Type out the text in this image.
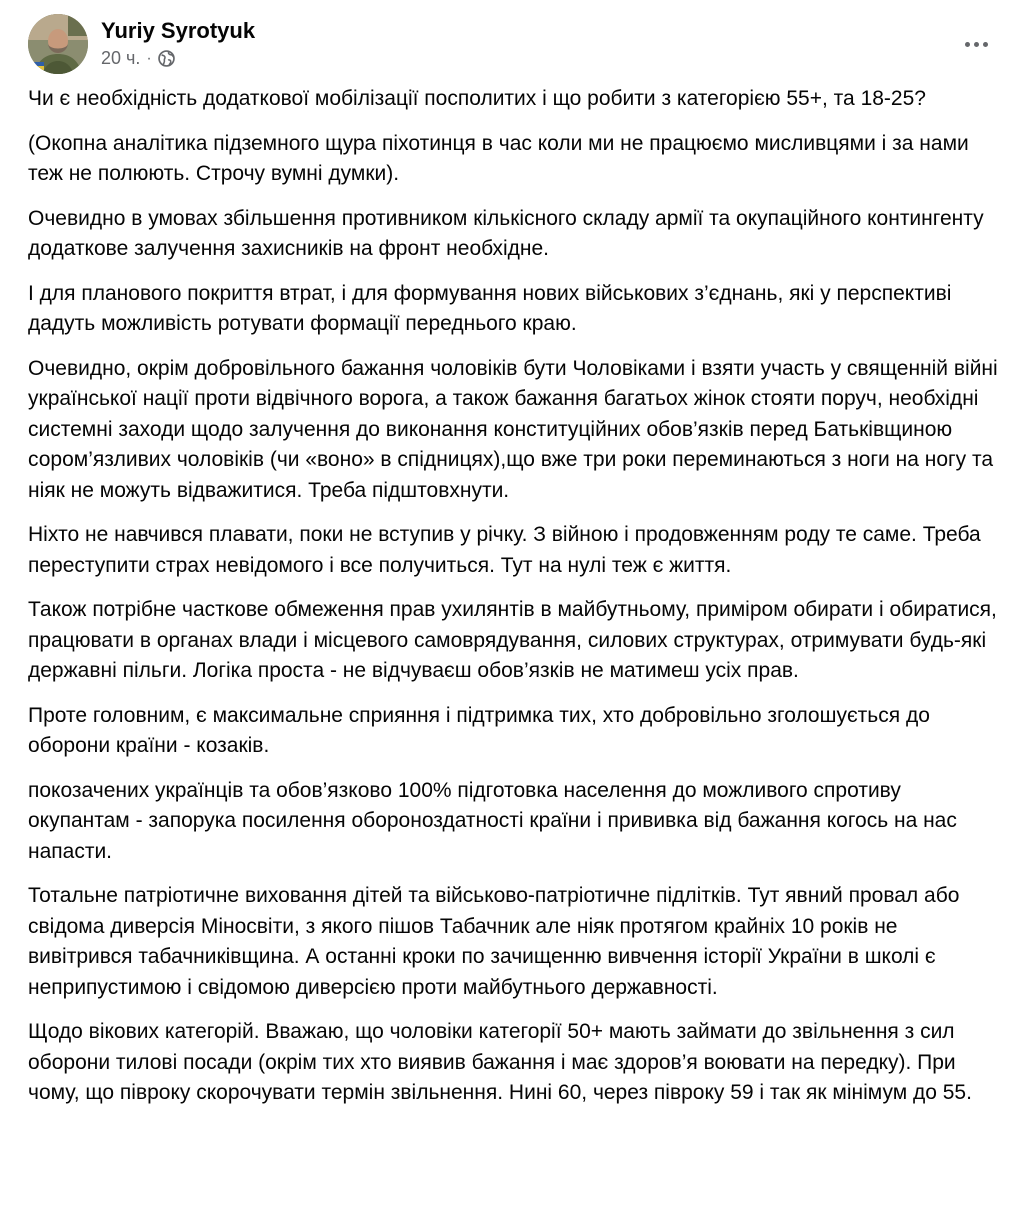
Yuriy Syrotyuk
20 ч. ·

Чи є необхідність додаткової мобілізації посполитих і що робити з категорією 55+, та 18-25?

(Окопна аналітика підземного щура піхотинця в час коли ми не працюємо мисливцями і за нами теж не полюють. Строчу вумні думки).

Очевидно в умовах збільшення противником кількісного складу армії та окупаційного контингенту додаткове залучення захисників на фронт необхідне.

І для планового покриття втрат, і для формування нових військових з’єднань, які у перспективі дадуть можливість ротувати формації переднього краю.

Очевидно, окрім добровільного бажання чоловіків бути Чоловіками і взяти участь у священній війні української нації проти відвічного ворога, а також бажання багатьох жінок стояти поруч, необхідні системні заходи щодо залучення до виконання конституційних обов’язків перед Батьківщиною сором’язливих чоловіків (чи «воно» в спідницях),що вже три роки переминаються з ноги на ногу та ніяк не можуть відважитися. Треба підштовхнути.

Ніхто не навчився плавати, поки не вступив у річку. З війною і продовженням роду те саме. Треба переступити страх невідомого і все получиться. Тут на нулі теж є життя.

Також потрібне часткове обмеження прав ухилянтів в майбутньому, приміром обирати і обиратися, працювати в органах влади і місцевого самоврядування, силових структурах, отримувати будь-які державні пільги. Логіка проста - не відчуваєш обов’язків не матимеш усіх прав.

Проте головним, є максимальне сприяння і підтримка тих, хто добровільно зголошується до оборони країни - козаків.

покозачених українців та обов’язково 100% підготовка населення до можливого спротиву окупантам - запорука посилення обороноздатності країни і прививка від бажання когось на нас напасти.

Тотальне патріотичне виховання дітей та військово-патріотичне підлітків. Тут явний провал або свідома диверсія Міносвіти, з якого пішов Табачник але ніяк протягом крайніх 10 років не вивітрився табачниківщина. А останні кроки по зачищенню вивчення історії України в школі є неприпустимою і свідомою диверсією проти майбутнього державності.

Щодо вікових категорій. Вважаю, що чоловіки категорії 50+ мають займати до звільнення з сил оборони тилові посади (окрім тих хто виявив бажання і має здоров’я воювати на передку). При чому, що півроку скорочувати термін звільнення. Нині 60, через півроку 59 і так як мінімум до 55.
